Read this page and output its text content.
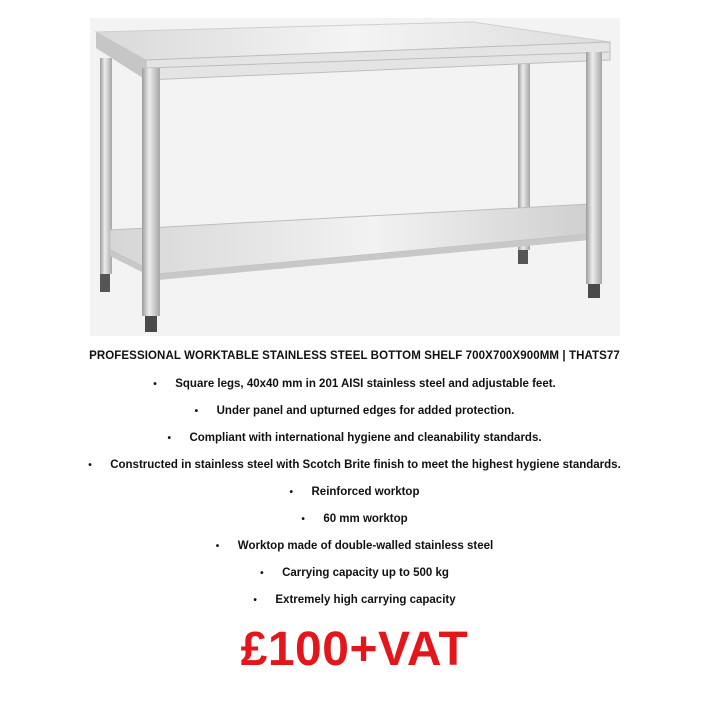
PROFESSIONAL WORKTABLE STAINLESS STEEL BOTTOM SHELF 700X700X900MM | THATS77
• Square legs, 40x40 mm in 201 AISI stainless steel and adjustable feet.
• Under panel and upturned edges for added protection.
• Compliant with international hygiene and cleanability standards.
• Constructed in stainless steel with Scotch Brite finish to meet the highest hygiene standards.
• Reinforced worktop
• 60 mm worktop
• Worktop made of double-walled stainless steel
• Carrying capacity up to 500 kg
• Extremely high carrying capacity
£100+VAT
